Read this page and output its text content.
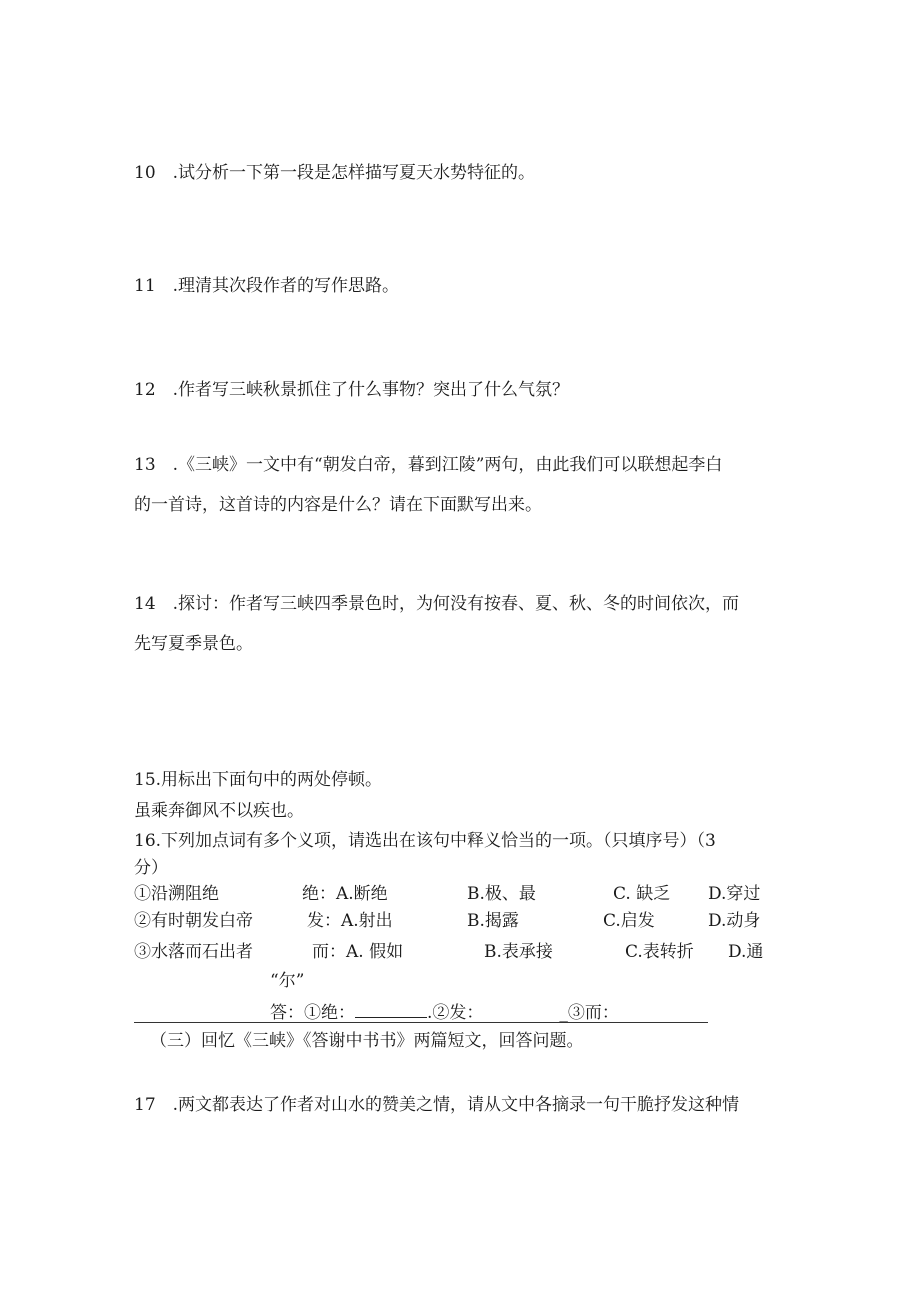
10　.试分析一下第一段是怎样描写夏天水势特征的。
11　.理清其次段作者的写作思路。
12　.作者写三峡秋景抓住了什么事物？突出了什么气氛？
13　.《三峡》一文中有“朝发白帝，暮到江陵”两句，由此我们可以联想起李白
的一首诗，这首诗的内容是什么？请在下面默写出来。
14　.探讨：作者写三峡四季景色时，为何没有按春、夏、秋、冬的时间依次，而
先写夏季景色。
15.用标出下面句中的两处停顿。
虽乘奔御风不以疾也。
16.下列加点词有多个义项，请选出在该句中释义恰当的一项。（只填序号）（3
分）
①沿溯阻绝	绝：A.断绝	B.极、最	C. 缺乏 D.穿过
②有时朝发白帝	发：A.射出	B.揭露	C.启发	D.动身
③水落而石出者	而：A. 假如	B.表承接	C.表转折 D.通
“尔”
答：①绝：	.②发：	_③而：
（三）回忆《三峡》《答谢中书书》两篇短文，回答问题。
17　.两文都表达了作者对山水的赞美之情，请从文中各摘录一句干脆抒发这种情
